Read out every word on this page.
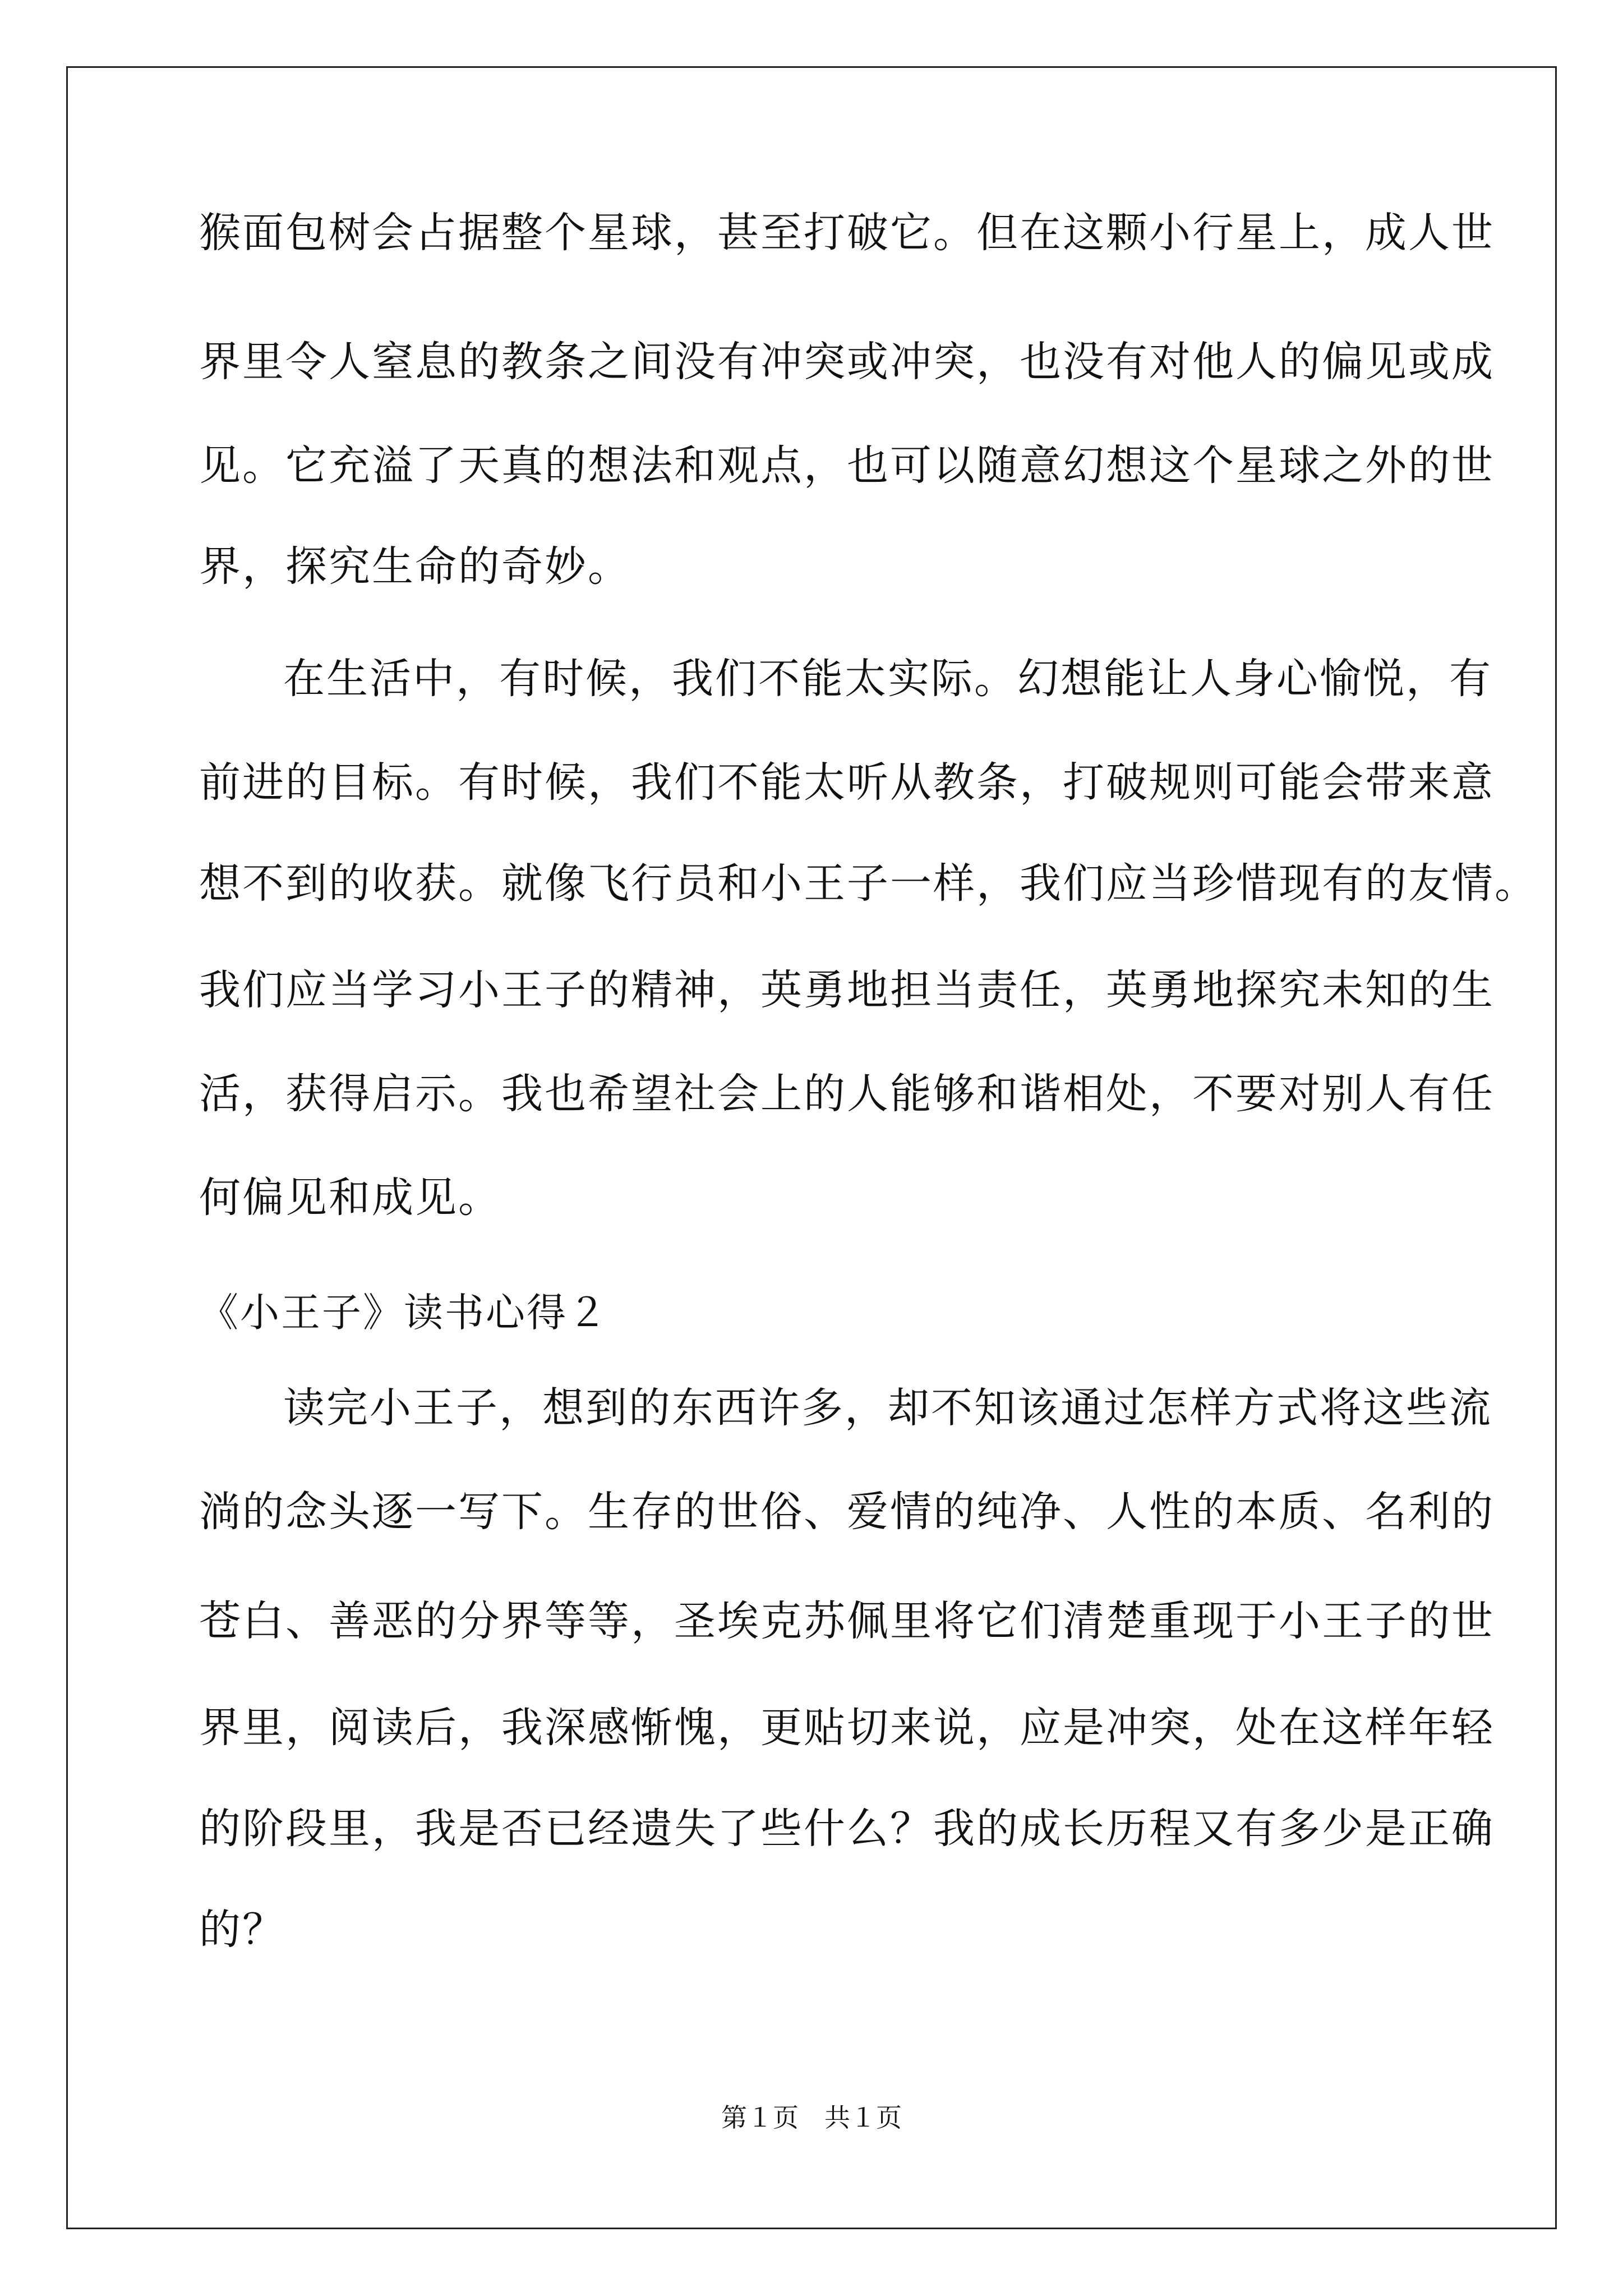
猴面包树会占据整个星球，甚至打破它。但在这颗小行星上，成人世
界里令人窒息的教条之间没有冲突或冲突，也没有对他人的偏见或成
见。它充溢了天真的想法和观点，也可以随意幻想这个星球之外的世
界，探究生命的奇妙。
在生活中，有时候，我们不能太实际。幻想能让人身心愉悦，有
前进的目标。有时候，我们不能太听从教条，打破规则可能会带来意
想不到的收获。就像飞行员和小王子一样，我们应当珍惜现有的友情。
我们应当学习小王子的精神，英勇地担当责任，英勇地探究未知的生
活，获得启示。我也希望社会上的人能够和谐相处，不要对别人有任
何偏见和成见。
《小王子》读书心得２
读完小王子，想到的东西许多，却不知该通过怎样方式将这些流
淌的念头逐一写下。生存的世俗、爱情的纯净、人性的本质、名利的
苍白、善恶的分界等等，圣埃克苏佩里将它们清楚重现于小王子的世
界里，阅读后，我深感惭愧，更贴切来说，应是冲突，处在这样年轻
的阶段里，我是否已经遗失了些什么？我的成长历程又有多少是正确
的？
第１页　共１页
